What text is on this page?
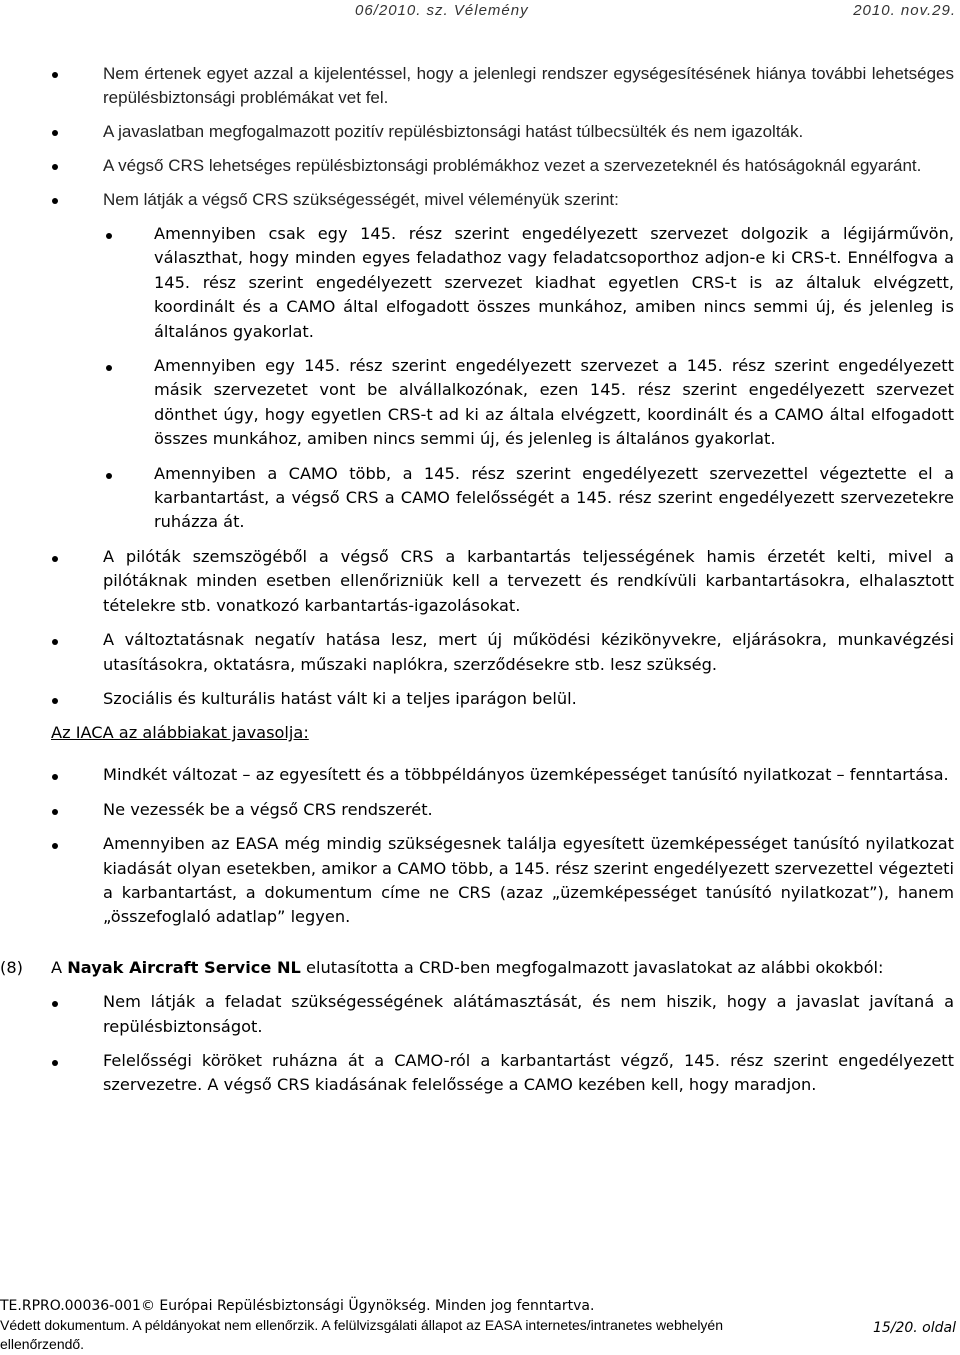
06/2010. sz. Vélemény	2010. nov.29.

Nem értenek egyet azzal a kijelentéssel, hogy a jelenlegi rendszer egységesítésének hiánya további lehetséges repülésbiztonsági problémákat vet fel.

A javaslatban megfogalmazott pozitív repülésbiztonsági hatást túlbecsülték és nem igazolták.

A végső CRS lehetséges repülésbiztonsági problémákhoz vezet a szervezeteknél és hatóságoknál egyaránt.

Nem látják a végső CRS szükségességét, mivel véleményük szerint:

Amennyiben csak egy 145. rész szerint engedélyezett szervezet dolgozik a légijárművön, választhat, hogy minden egyes feladathoz vagy feladatcsoporthoz adjon-e ki CRS-t. Ennélfogva a 145. rész szerint engedélyezett szervezet kiadhat egyetlen CRS-t is az általuk elvégzett, koordinált és a CAMO által elfogadott összes munkához, amiben nincs semmi új, és jelenleg is általános gyakorlat.

Amennyiben egy 145. rész szerint engedélyezett szervezet a 145. rész szerint engedélyezett másik szervezetet vont be alvállalkozónak, ezen 145. rész szerint engedélyezett szervezet dönthet úgy, hogy egyetlen CRS-t ad ki az általa elvégzett, koordinált és a CAMO által elfogadott összes munkához, amiben nincs semmi új, és jelenleg is általános gyakorlat.

Amennyiben a CAMO több, a 145. rész szerint engedélyezett szervezettel végeztette el a karbantartást, a végső CRS a CAMO felelősségét a 145. rész szerint engedélyezett szervezetekre ruházza át.

A pilóták szemszögéből a végső CRS a karbantartás teljességének hamis érzetét kelti, mivel a pilótáknak minden esetben ellenőrizniük kell a tervezett és rendkívüli karbantartásokra, elhalasztott tételekre stb. vonatkozó karbantartás-igazolásokat.

A változtatásnak negatív hatása lesz, mert új működési kézikönyvekre, eljárásokra, munkavégzési utasításokra, oktatásra, műszaki naplókra, szerződésekre stb. lesz szükség.

Szociális és kulturális hatást vált ki a teljes iparágon belül.

Az IACA az alábbiakat javasolja:

Mindkét változat – az egyesített és a többpéldányos üzemképességet tanúsító nyilatkozat – fenntartása.

Ne vezessék be a végső CRS rendszerét.

Amennyiben az EASA még mindig szükségesnek találja egyesített üzemképességet tanúsító nyilatkozat kiadását olyan esetekben, amikor a CAMO több, a 145. rész szerint engedélyezett szervezettel végezteti a karbantartást, a dokumentum címe ne CRS (azaz „üzemképességet tanúsító nyilatkozat”), hanem „összefoglaló adatlap” legyen.

(8) A Nayak Aircraft Service NL elutasította a CRD-ben megfogalmazott javaslatokat az alábbi okokból:

Nem látják a feladat szükségességének alátámasztását, és nem hiszik, hogy a javaslat javítaná a repülésbiztonságot.

Felelősségi köröket ruházna át a CAMO-ról a karbantartást végző, 145. rész szerint engedélyezett szervezetre. A végső CRS kiadásának felelőssége a CAMO kezében kell, hogy maradjon.

TE.RPRO.00036-001© Európai Repülésbiztonsági Ügynökség. Minden jog fenntartva.
Védett dokumentum. A példányokat nem ellenőrzik. A felülvizsgálati állapot az EASA internetes/intranetes webhelyén ellenőrzendő.
15/20. oldal
